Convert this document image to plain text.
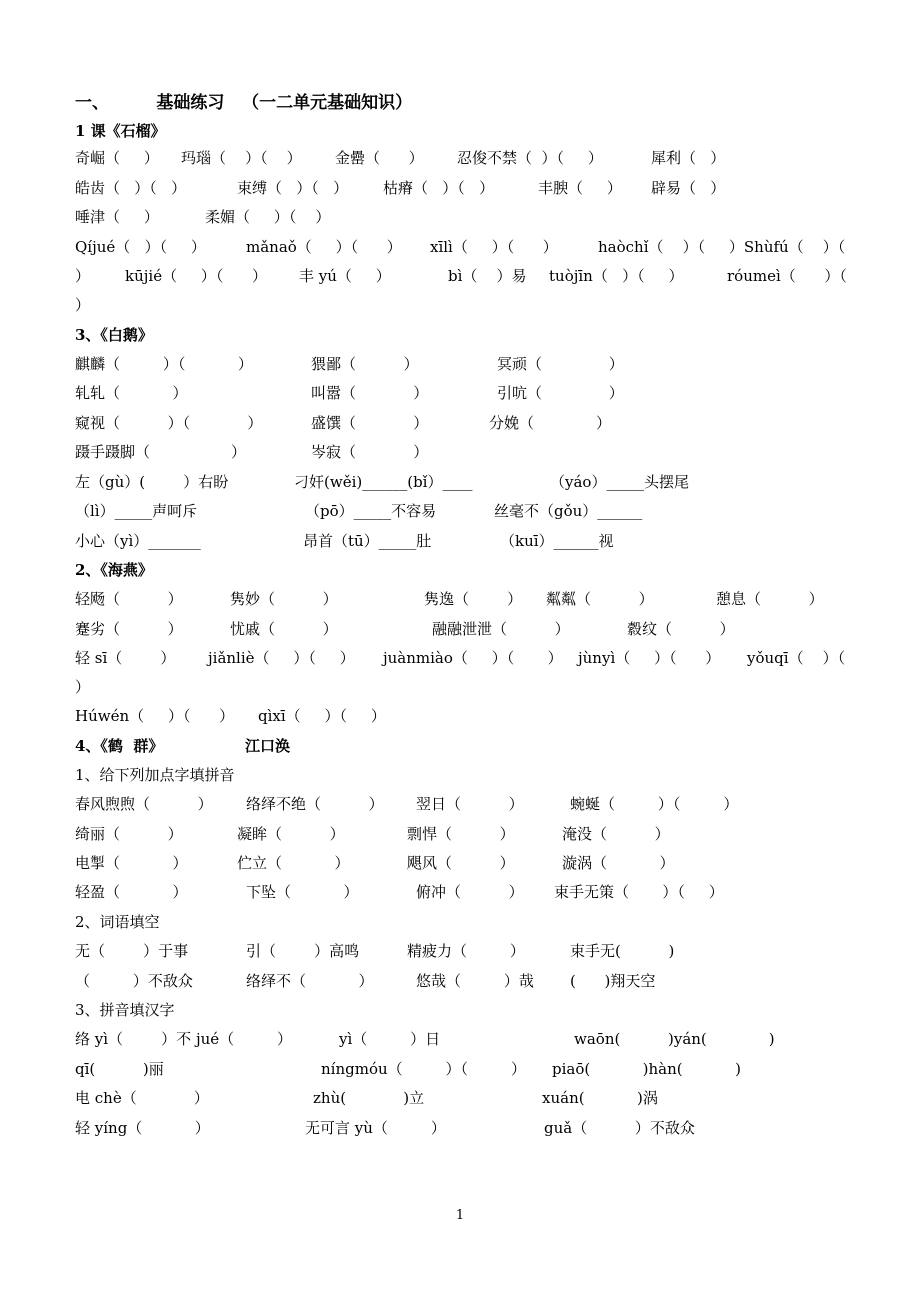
一、        基础练习   （一二单元基础知识）
1 课《石榴》
奇崛（     ） 玛瑙（    ）（    ） 金罍（      ） 忍俊不禁（  ）（     ）	犀利（   ）
皓齿（   ）（   ）	束缚（   ）（   ） 枯瘠（   ）（   ）	丰腴（     ） 辟易（   ）
唾津（     ）	柔媚（     ）（    ）
Qíjué（   ）（     ）	mǎnaǒ（     ）（      ） xīlì（     ）（      ）	haòchǐ（    ）（     ）Shùfú（    ）（
） kūjié（     ）（      ） 丰 yú（     ）	bì（    ）易 tuòjīn（   ）（     ）	róumeì（      ）（
）
3、《白鹅》
麒麟（         ）（           ）	猥鄙（          ）	冥顽（              ）
轧轧（           ）	叫嚣（            ）	引吭（              ）
窥视（          ）（            ）	盛馔（            ）	分娩（             ）
蹑手蹑脚（                 ）	岑寂（            ）
左（gù）(        ）右盼	刁奸(wěi)______(bǐ）____	（yáo）_____头摆尾
（lì）_____声呵斥	（pō）_____不容易	丝毫不（gǒu）______
小心（yì）_______	昂首（tū）_____肚	（kuī）______视
2、《海燕》
轻飏（          ）	隽妙（          ）	隽逸（        ） 粼粼（          ）	憩息（          ）
蹇劣（          ）	忧戚（          ）	融融泄泄（          ）	縠纹（          ）
轻 sī（        ） jiǎnliè（     ）（     ） juànmiào（     ）（       ） jùnyì（     ）（      ） yǒuqī（    ）（
）
Húwén（     ）（      ） qìxī（     ）（     ）
4、《鹤  群》	江口涣
1、给下列加点字填拼音
春风煦煦（          ） 络绎不绝（          ） 翌日（          ）	蜿蜒（         ）（         ）
绮丽（          ）	凝眸（          ）	剽悍（          ）	淹没（          ）
电掣（           ）	伫立（           ）	飓风（          ）	漩涡（           ）
轻盈（           ）	下坠（           ）	俯冲（          ） 束手无策（       ）（     ）
2、词语填空
无（        ）于事	引（        ）高鸣	精疲力（         ）	束手无(          )
（         ）不敌众	络绎不（           ）	悠哉（         ）哉 (      )翔天空
3、拼音填汉字
络 yì（        ）不 jué（         ）	yì（         ）日	waōn(          )yán(             )
qī(          )丽	níngmóu（         ）（         ） piaō(           )hàn(           )
电 chè（            ）	zhù(            )立	xuán(           )涡
轻 yíng（           ）	无可言 yù（         ）	guǎ（          ）不敌众
1
